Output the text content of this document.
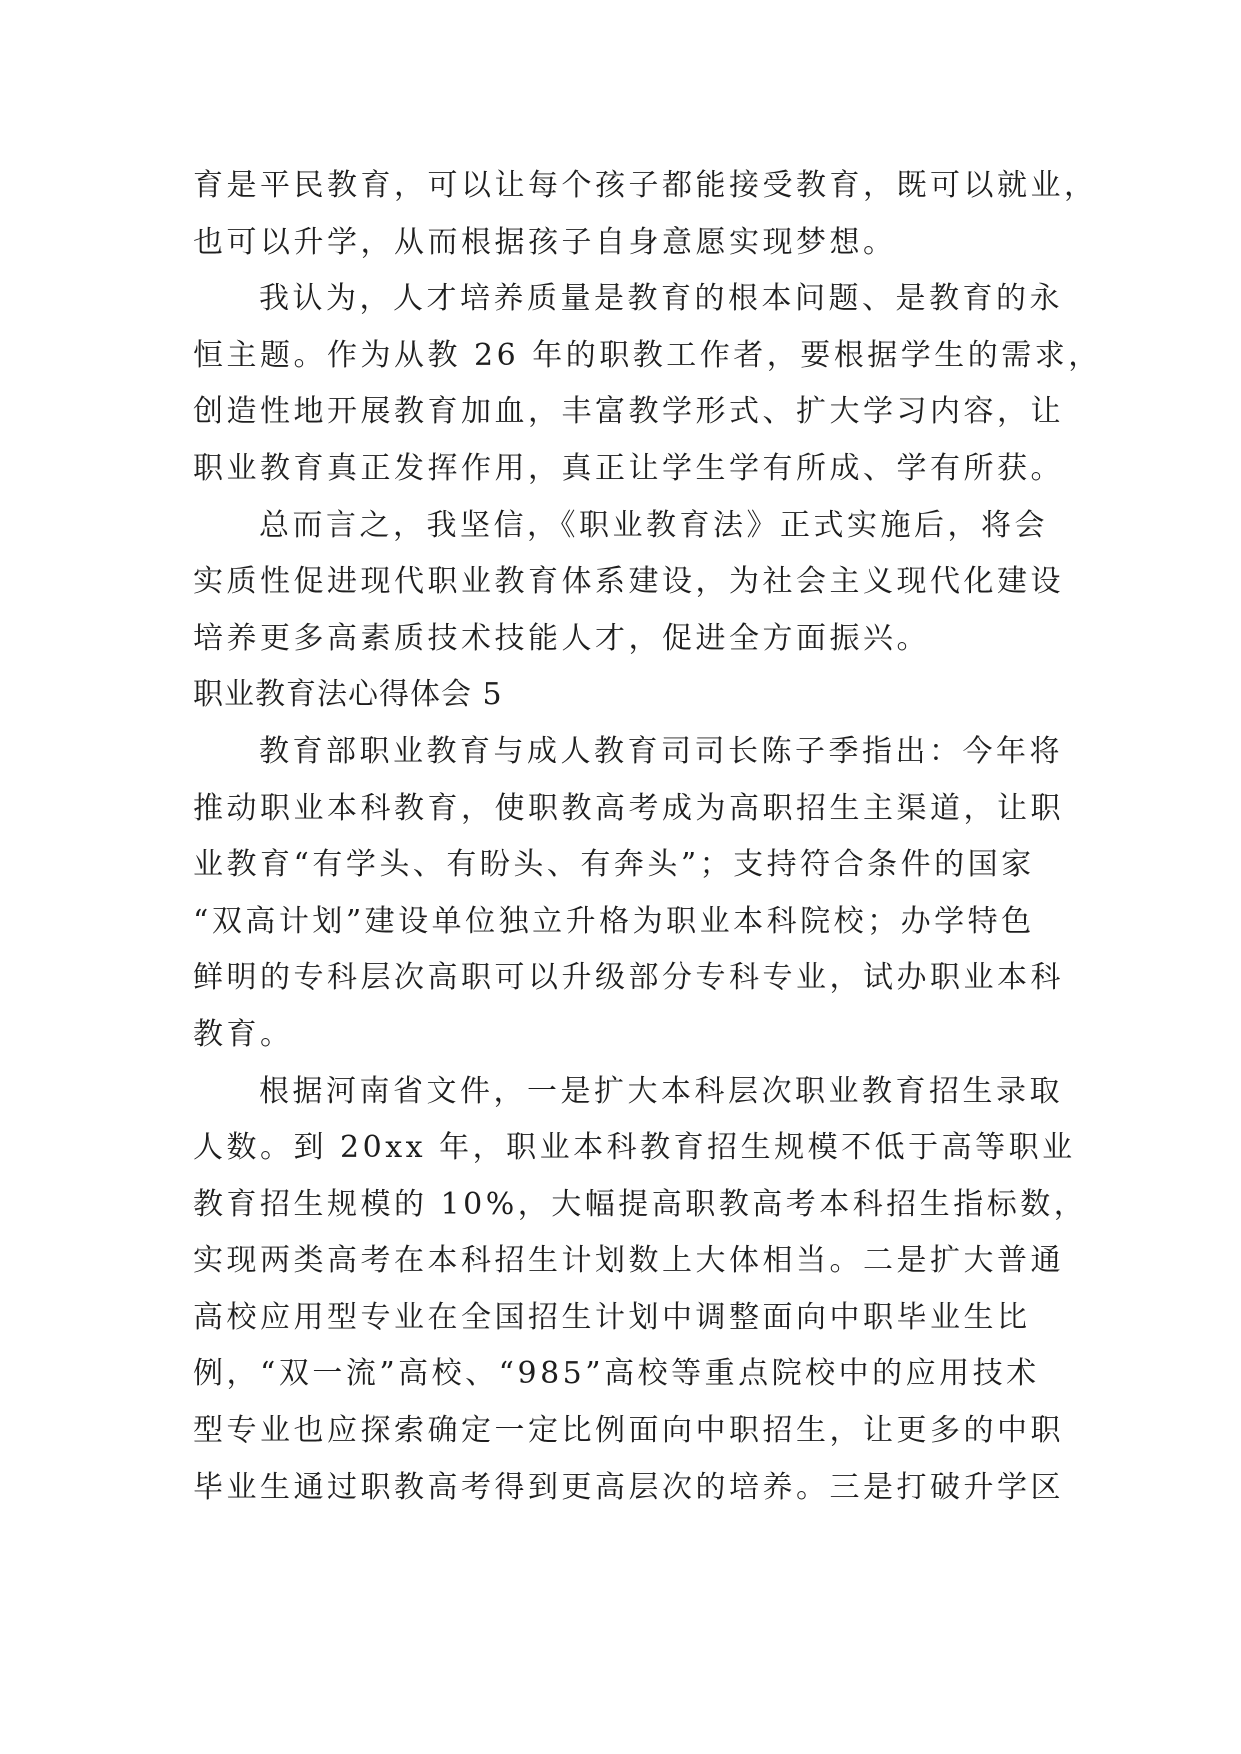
育是平民教育，可以让每个孩子都能接受教育，既可以就业，
也可以升学，从而根据孩子自身意愿实现梦想。
我认为，人才培养质量是教育的根本问题、是教育的永
恒主题。作为从教 26 年的职教工作者，要根据学生的需求，
创造性地开展教育加血，丰富教学形式、扩大学习内容，让
职业教育真正发挥作用，真正让学生学有所成、学有所获。
总而言之，我坚信，《职业教育法》正式实施后，将会
实质性促进现代职业教育体系建设，为社会主义现代化建设
培养更多高素质技术技能人才，促进全方面振兴。
职业教育法心得体会 5
教育部职业教育与成人教育司司长陈子季指出：今年将
推动职业本科教育，使职教高考成为高职招生主渠道，让职
业教育“有学头、有盼头、有奔头”；支持符合条件的国家
“双高计划”建设单位独立升格为职业本科院校；办学特色
鲜明的专科层次高职可以升级部分专科专业，试办职业本科
教育。
根据河南省文件，一是扩大本科层次职业教育招生录取
人数。到 20xx 年，职业本科教育招生规模不低于高等职业
教育招生规模的 10%，大幅提高职教高考本科招生指标数，
实现两类高考在本科招生计划数上大体相当。二是扩大普通
高校应用型专业在全国招生计划中调整面向中职毕业生比
例，“双一流”高校、“985”高校等重点院校中的应用技术
型专业也应探索确定一定比例面向中职招生，让更多的中职
毕业生通过职教高考得到更高层次的培养。三是打破升学区
